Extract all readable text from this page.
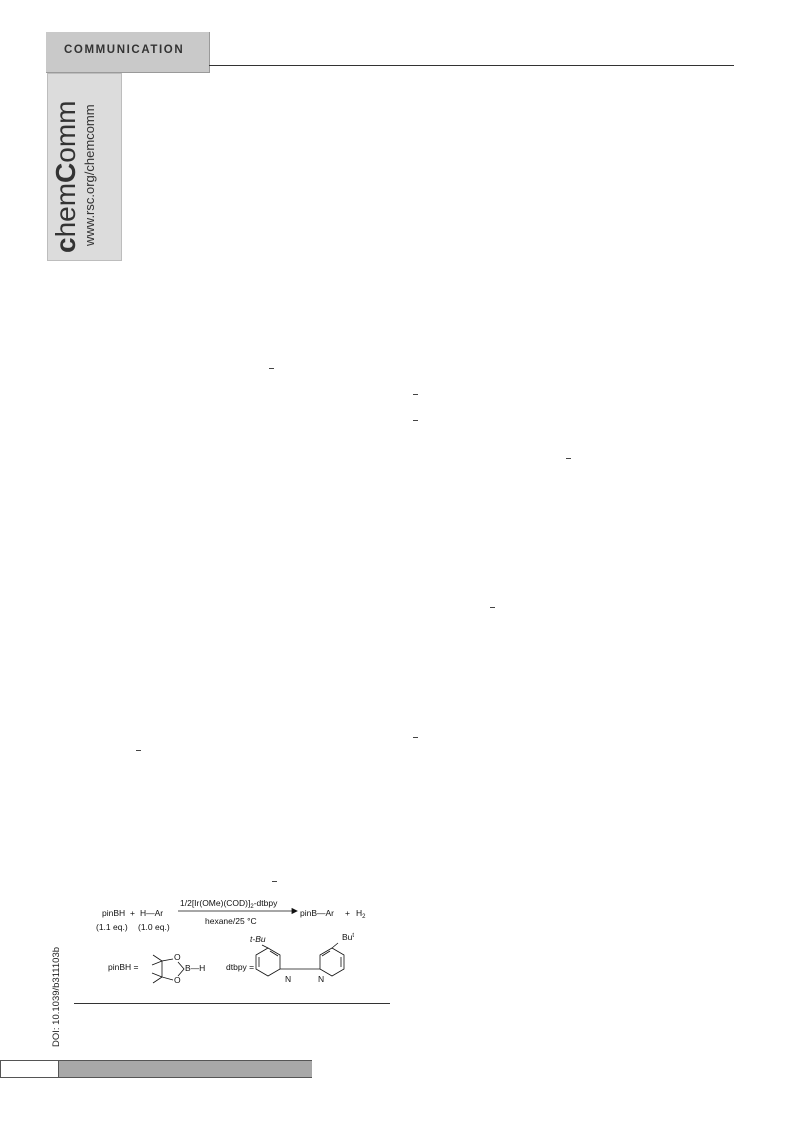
COMMUNICATION
chemComm www.rsc.org/chemcomm
pinBH + H—Ar
(1.1 eq.) (1.0 eq.)
$1/2[Ir(OMe)(COD)]_2$-dtbpy
hexane/25 °C
pinB—Ar + $H_2$
pinBH =
O
O
B—H dtbpy =
t-Bu	Bu$^t$
N	N
DOI: 10.1039/b311103b
